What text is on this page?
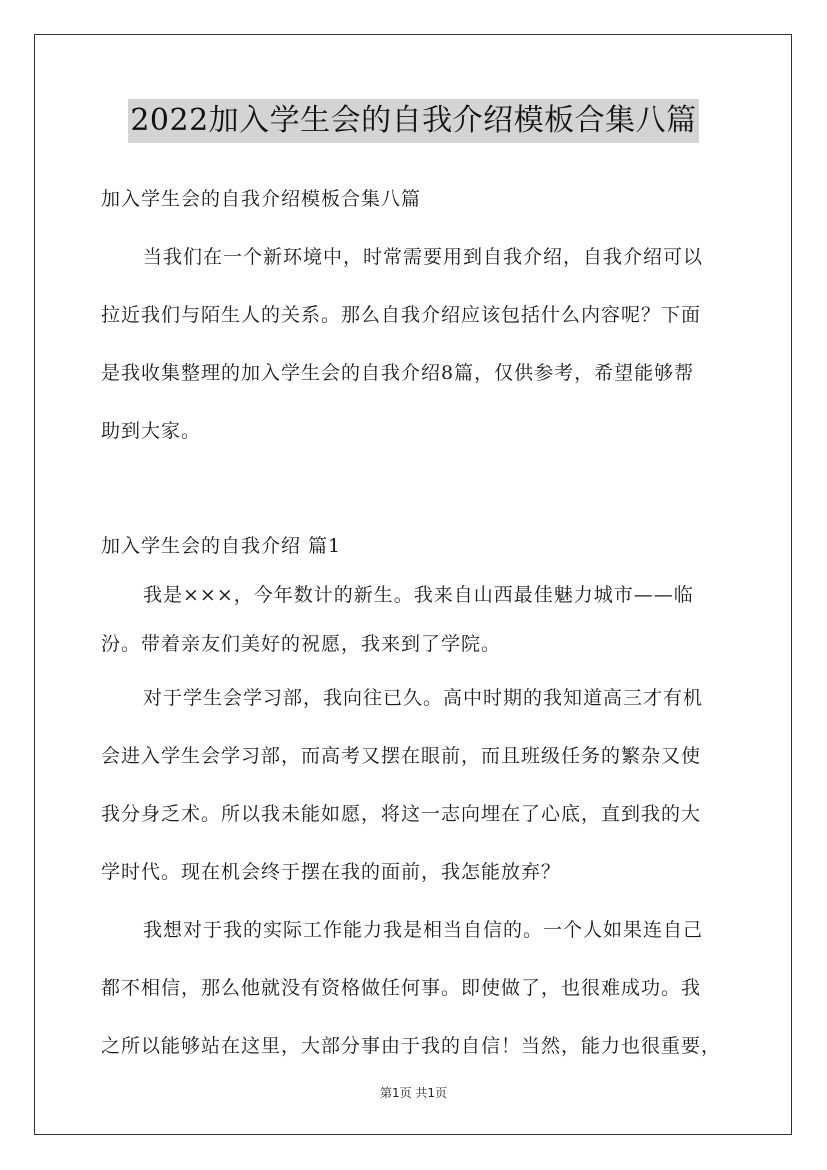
2022加入学生会的自我介绍模板合集八篇
加入学生会的自我介绍模板合集八篇
当我们在一个新环境中，时常需要用到自我介绍，自我介绍可以
拉近我们与陌生人的关系。那么自我介绍应该包括什么内容呢？下面
是我收集整理的加入学生会的自我介绍8篇，仅供参考，希望能够帮
助到大家。
加入学生会的自我介绍 篇1
我是×××，今年数计的新生。我来自山西最佳魅力城市——临
汾。带着亲友们美好的祝愿，我来到了学院。
对于学生会学习部，我向往已久。高中时期的我知道高三才有机
会进入学生会学习部，而高考又摆在眼前，而且班级任务的繁杂又使
我分身乏术。所以我未能如愿，将这一志向埋在了心底，直到我的大
学时代。现在机会终于摆在我的面前，我怎能放弃？
我想对于我的实际工作能力我是相当自信的。一个人如果连自己
都不相信，那么他就没有资格做任何事。即使做了，也很难成功。我
之所以能够站在这里，大部分事由于我的自信！当然，能力也很重要，
第1页 共1页
